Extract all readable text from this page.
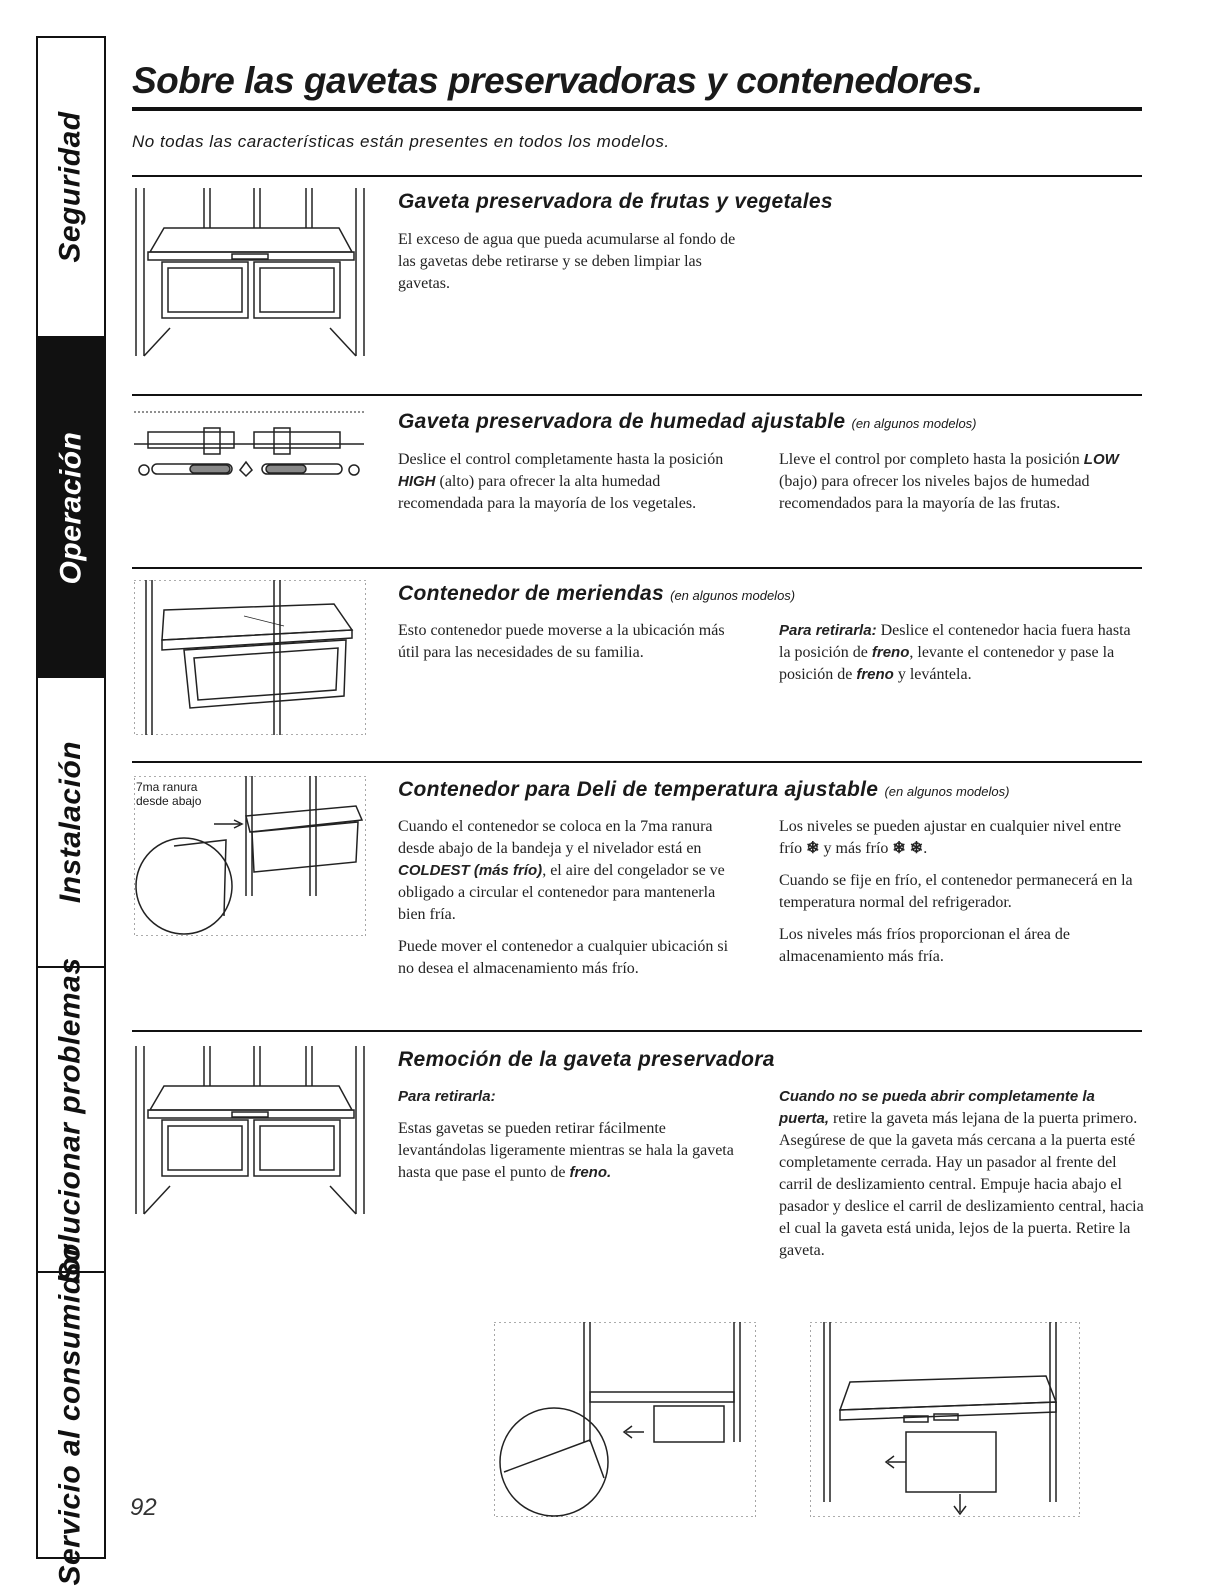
Seguridad
Operación
Instalación
Solucionar problemas
Servicio al consumidor
Sobre las gavetas preservadoras y contenedores.
No todas las características están presentes en todos los modelos.
Gaveta preservadora de frutas y vegetales
El exceso de agua que pueda acumularse al fondo de las gavetas debe retirarse y se deben limpiar las gavetas.
Gaveta preservadora de humedad ajustable (en algunos modelos)
Deslice el control completamente hasta la posición HIGH (alto) para ofrecer la alta humedad recomendada para la mayoría de los vegetales.
Lleve el control por completo hasta la posición LOW (bajo) para ofrecer los niveles bajos de humedad recomendados para la mayoría de las frutas.
Contenedor de meriendas (en algunos modelos)
Esto contenedor puede moverse a la ubicación más útil para las necesidades de su familia.
Para retirarla: Deslice el contenedor hacia fuera hasta la posición de freno, levante el contenedor y pase la posición de freno y levántela.
7ma ranura
desde abajo	Contenedor para Deli de temperatura ajustable (en algunos modelos)

Cuando el contenedor se coloca en la 7ma ranura desde abajo de la bandeja y el nivelador está en COLDEST (más frío), el aire del congelador se ve obligado a circular el contenedor para mantenerla bien fría.

Puede mover el contenedor a cualquier ubicación si no desea el almacenamiento más frío.

Los niveles se pueden ajustar en cualquier nivel entre frío ❄ y más frío ❄ ❄.

Cuando se fije en frío, el contenedor permanecerá en la temperatura normal del refrigerador.

Los niveles más fríos proporcionan el área de almacenamiento más fría.

Remoción de la gaveta preservadora

Para retirarla:

Estas gavetas se pueden retirar fácilmente levantándolas ligeramente mientras se hala la gaveta hasta que pase el punto de freno.

Cuando no se pueda abrir completamente la puerta, retire la gaveta más lejana de la puerta primero. Asegúrese de que la gaveta más cercana a la puerta esté completamente cerrada. Hay un pasador al frente del carril de deslizamiento central. Empuje hacia abajo el pasador y deslice el carril de deslizamiento central, hacia el cual la gaveta está unida, lejos de la puerta. Retire la gaveta.
92
